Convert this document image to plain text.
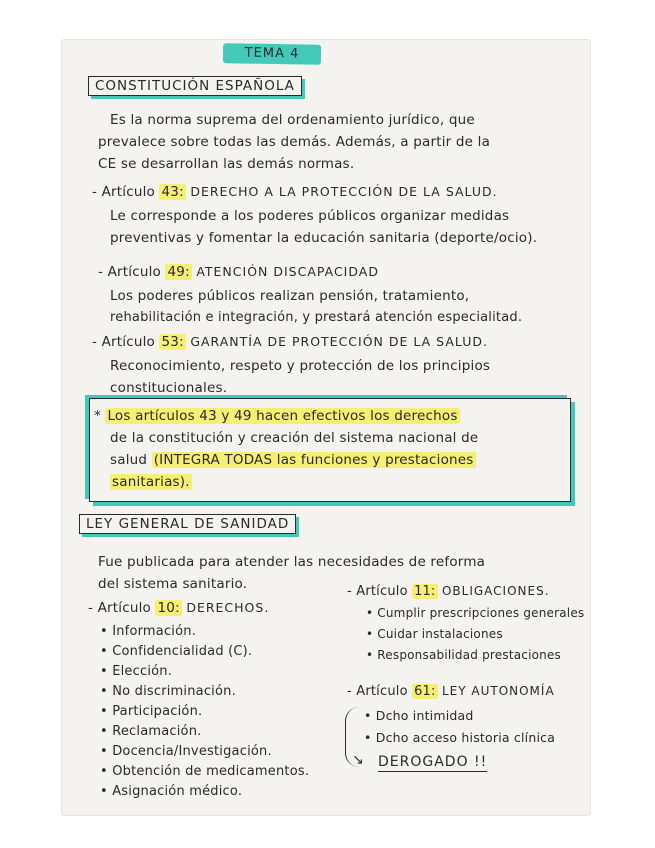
TEMA 4
CONSTITUCIÓN ESPAÑOLA
Es la norma suprema del ordenamiento jurídico, que
prevalece sobre todas las demás. Además, a partir de la
CE se desarrollan las demás normas.
- Artículo 43: DERECHO A LA PROTECCIÓN DE LA SALUD.
Le corresponde a los poderes públicos organizar medidas
preventivas y fomentar la educación sanitaria (deporte/ocio).
- Artículo 49: ATENCIÓN DISCAPACIDAD
Los poderes públicos realizan pensión, tratamiento,
rehabilitación e integración, y prestará atención especialitad.
- Artículo 53: GARANTÍA DE PROTECCIÓN DE LA SALUD.
Reconocimiento, respeto y protección de los principios
constitucionales.
* Los artículos 43 y 49 hacen efectivos los derechos
de la constitución y creación del sistema nacional de
salud (INTEGRA TODAS las funciones y prestaciones
sanitarias).
LEY GENERAL DE SANIDAD
Fue publicada para atender las necesidades de reforma
del sistema sanitario.
- Artículo 10: DERECHOS.
• Información.
• Confidencialidad (C).
• Elección.
• No discriminación.
• Participación.
• Reclamación.
• Docencia/Investigación.
• Obtención de medicamentos.
• Asignación médico.
- Artículo 11: OBLIGACIONES.
• Cumplir prescripciones generales
• Cuidar instalaciones
• Responsabilidad prestaciones
- Artículo 61: LEY AUTONOMÍA
• Dcho intimidad
• Dcho acceso historia clínica
↘ DEROGADO !!
